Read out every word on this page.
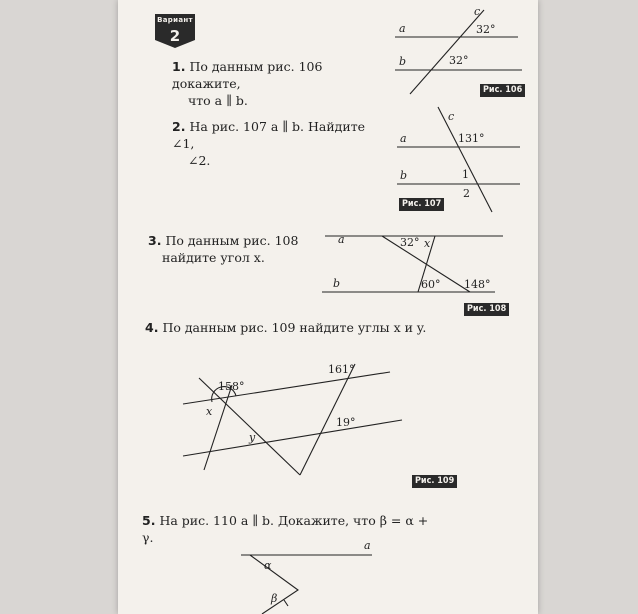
Вариант
2
1. По данным рис. 106 докажите,
что a ∥ b.
2. На рис. 107 a ∥ b. Найдите ∠1,
∠2.
3. По данным рис. 108
найдите угол x.
4. По данным рис. 109 найдите углы x и y.
5. На рис. 110 a ∥ b. Докажите, что β = α + γ.
Рис. 106
Рис. 107
Рис. 108
Рис. 109
a
b
c
32°
32°
a
b
c
131°
1
2
a
b
32° x
60° 148°
158°
161°
19°
x
y
a
α
β
